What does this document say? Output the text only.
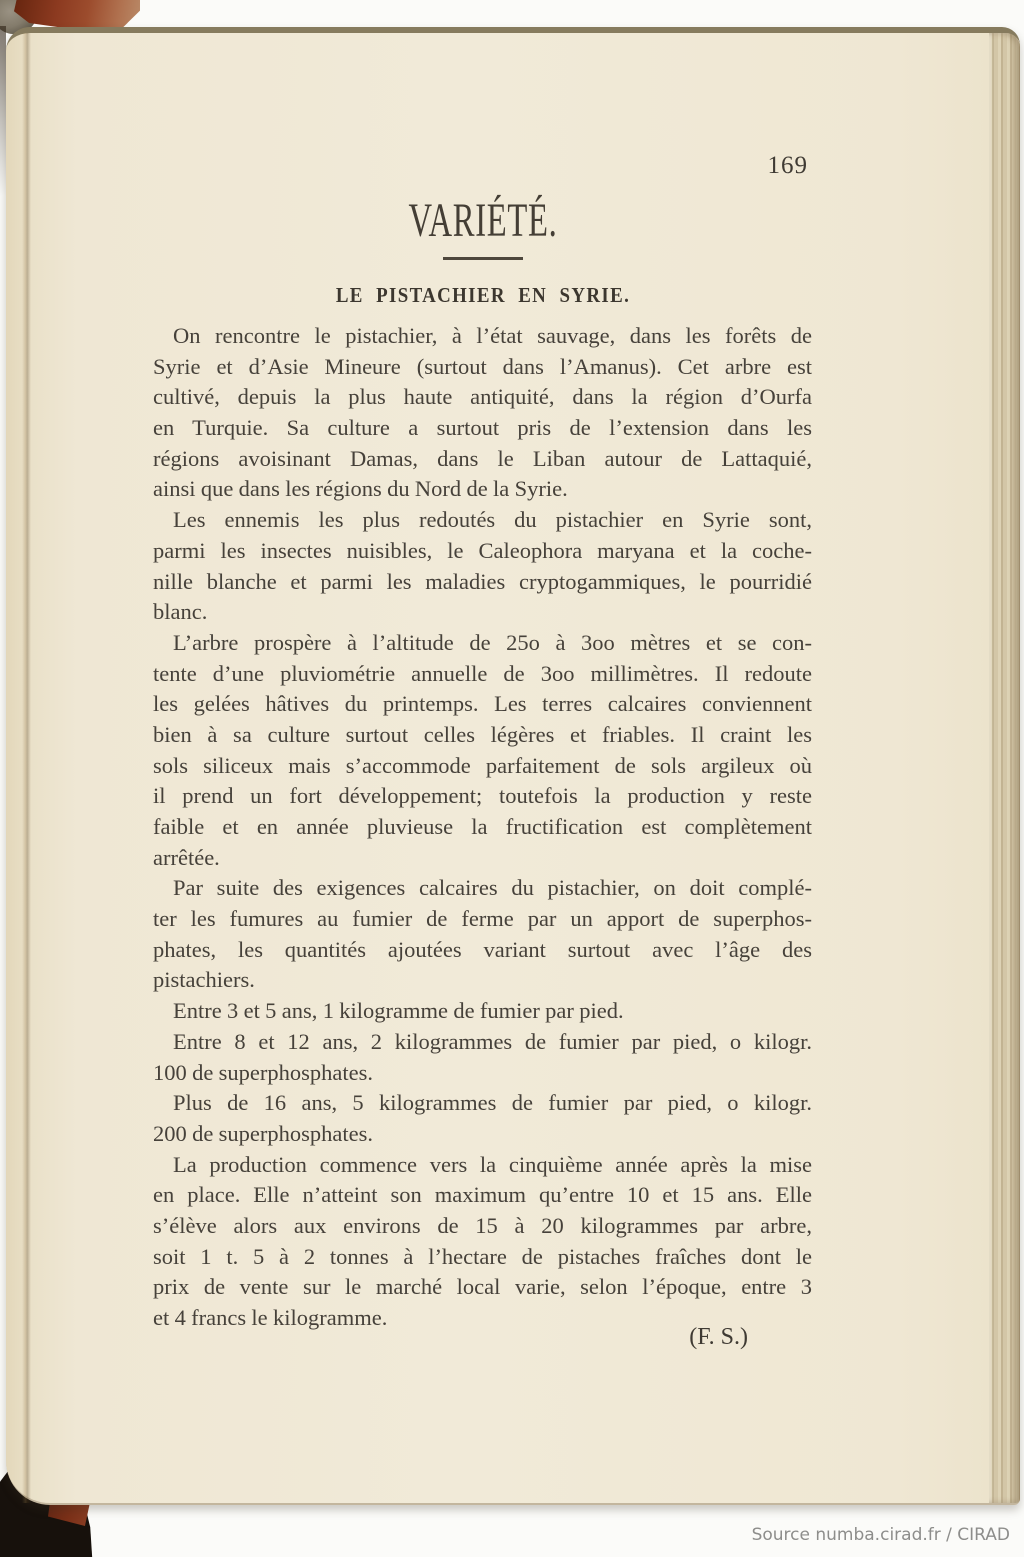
169
VARIÉTÉ.
LE PISTACHIER EN SYRIE.
On rencontre le pistachier, à l’état sauvage, dans les forêts de
Syrie et d’Asie Mineure (surtout dans l’Amanus). Cet arbre est
cultivé, depuis la plus haute antiquité, dans la région d’Ourfa
en Turquie. Sa culture a surtout pris de l’extension dans les
régions avoisinant Damas, dans le Liban autour de Lattaquié,
ainsi que dans les régions du Nord de la Syrie.
Les ennemis les plus redoutés du pistachier en Syrie sont,
parmi les insectes nuisibles, le Caleophora maryana et la coche-
nille blanche et parmi les maladies cryptogammiques, le pourridié
blanc.
L’arbre prospère à l’altitude de 25o à 3oo mètres et se con-
tente d’une pluviométrie annuelle de 3oo millimètres. Il redoute
les gelées hâtives du printemps. Les terres calcaires conviennent
bien à sa culture surtout celles légères et friables. Il craint les
sols siliceux mais s’accommode parfaitement de sols argileux où
il prend un fort développement; toutefois la production y reste
faible et en année pluvieuse la fructification est complètement
arrêtée.
Par suite des exigences calcaires du pistachier, on doit complé-
ter les fumures au fumier de ferme par un apport de superphos-
phates, les quantités ajoutées variant surtout avec l’âge des
pistachiers.
Entre 3 et 5 ans, 1 kilogramme de fumier par pied.
Entre 8 et 12 ans, 2 kilogrammes de fumier par pied, o kilogr.
100 de superphosphates.
Plus de 16 ans, 5 kilogrammes de fumier par pied, o kilogr.
200 de superphosphates.
La production commence vers la cinquième année après la mise
en place. Elle n’atteint son maximum qu’entre 10 et 15 ans. Elle
s’élève alors aux environs de 15 à 20 kilogrammes par arbre,
soit 1 t. 5 à 2 tonnes à l’hectare de pistaches fraîches dont le
prix de vente sur le marché local varie, selon l’époque, entre 3
et 4 francs le kilogramme.
(F. S.)
Source numba.cirad.fr / CIRAD
